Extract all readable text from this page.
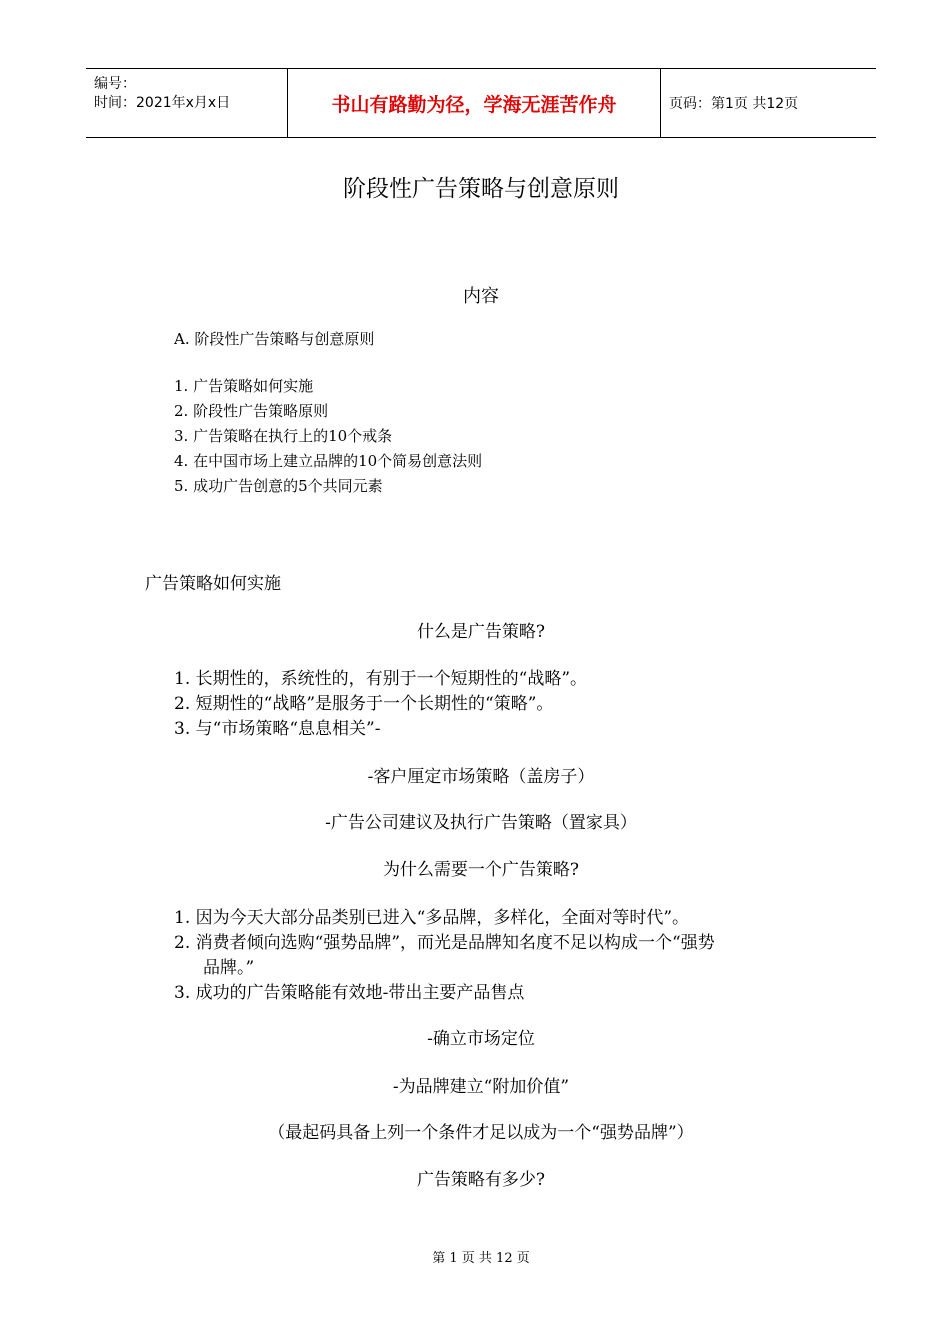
编号：
时间：2021年x月x日	书山有路勤为径，学海无涯苦作舟	页码：第1页 共12页
阶段性广告策略与创意原则
内容
A. 阶段性广告策略与创意原则
1. 广告策略如何实施
2. 阶段性广告策略原则
3. 广告策略在执行上的10个戒条
4. 在中国市场上建立品牌的10个简易创意法则
5. 成功广告创意的5个共同元素
广告策略如何实施
什么是广告策略?
1. 长期性的，系统性的，有别于一个短期性的“战略”。
2. 短期性的“战略”是服务于一个长期性的“策略”。
3. 与“市场策略“息息相关”-
-客户厘定市场策略（盖房子）
-广告公司建议及执行广告策略（置家具）
为什么需要一个广告策略?
1. 因为今天大部分品类别已进入“多品牌，多样化，全面对等时代”。
2. 消费者倾向选购“强势品牌”，而光是品牌知名度不足以构成一个“强势
品牌。”
3. 成功的广告策略能有效地-带出主要产品售点
-确立市场定位
-为品牌建立“附加价值”
（最起码具备上列一个条件才足以成为一个“强势品牌”）
广告策略有多少?
第 1 页 共 12 页
